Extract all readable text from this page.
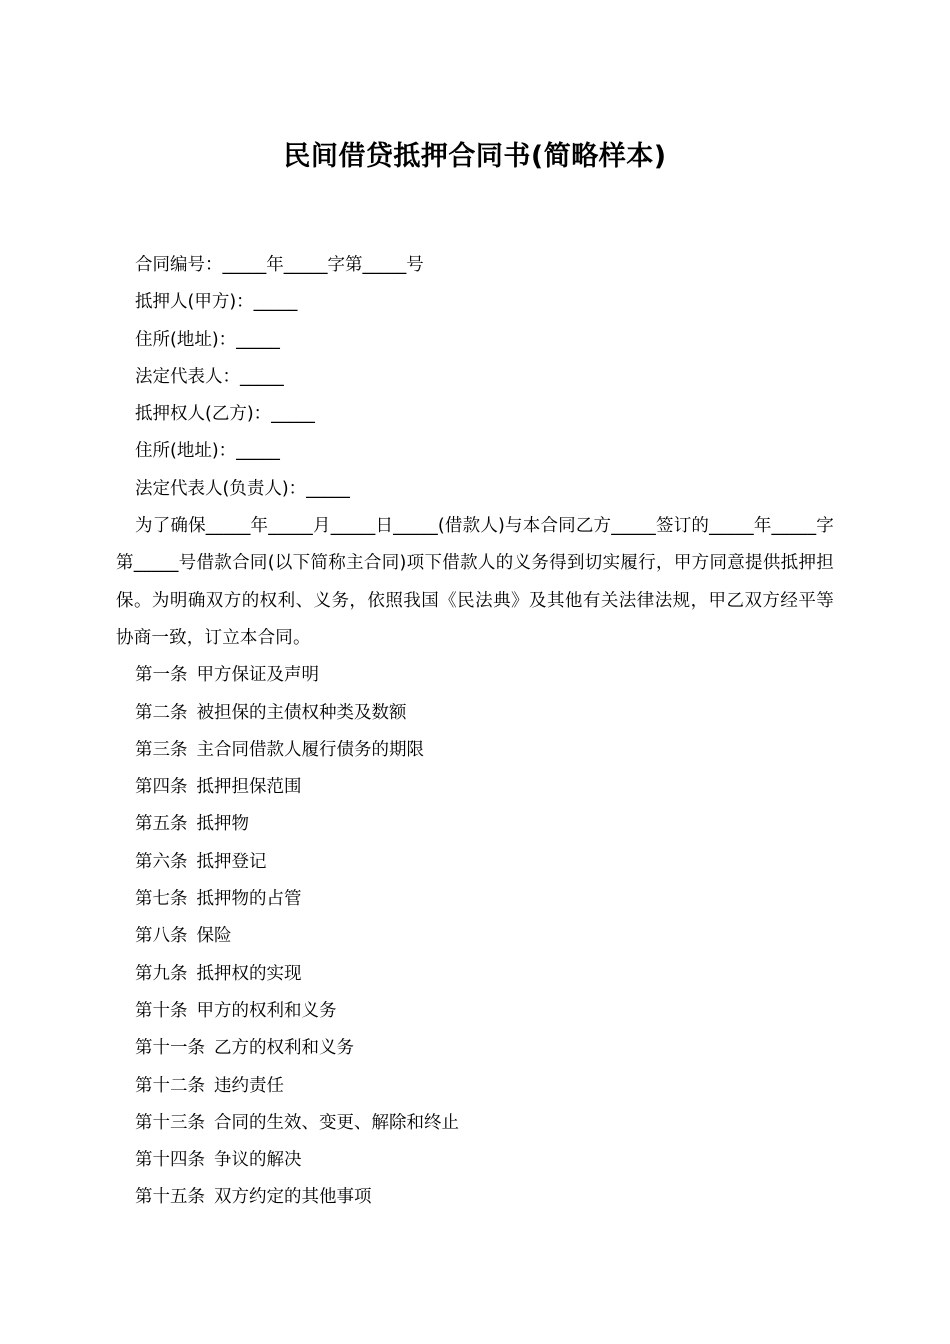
民间借贷抵押合同书(简略样本)

合同编号：_____年_____字第_____号

抵押人(甲方)：_____

住所(地址)：_____

法定代表人：_____

抵押权人(乙方)：_____

住所(地址)：_____

法定代表人(负责人)：_____

为了确保_____年_____月_____日_____(借款人)与本合同乙方_____签订的_____年_____字第_____号借款合同(以下简称主合同)项下借款人的义务得到切实履行，甲方同意提供抵押担保。为明确双方的权利、义务，依照我国《民法典》及其他有关法律法规，甲乙双方经平等协商一致，订立本合同。

第一条 甲方保证及声明

第二条 被担保的主债权种类及数额

第三条 主合同借款人履行债务的期限

第四条 抵押担保范围

第五条 抵押物

第六条 抵押登记

第七条 抵押物的占管

第八条 保险

第九条 抵押权的实现

第十条 甲方的权利和义务

第十一条 乙方的权利和义务

第十二条 违约责任

第十三条 合同的生效、变更、解除和终止

第十四条 争议的解决

第十五条 双方约定的其他事项
